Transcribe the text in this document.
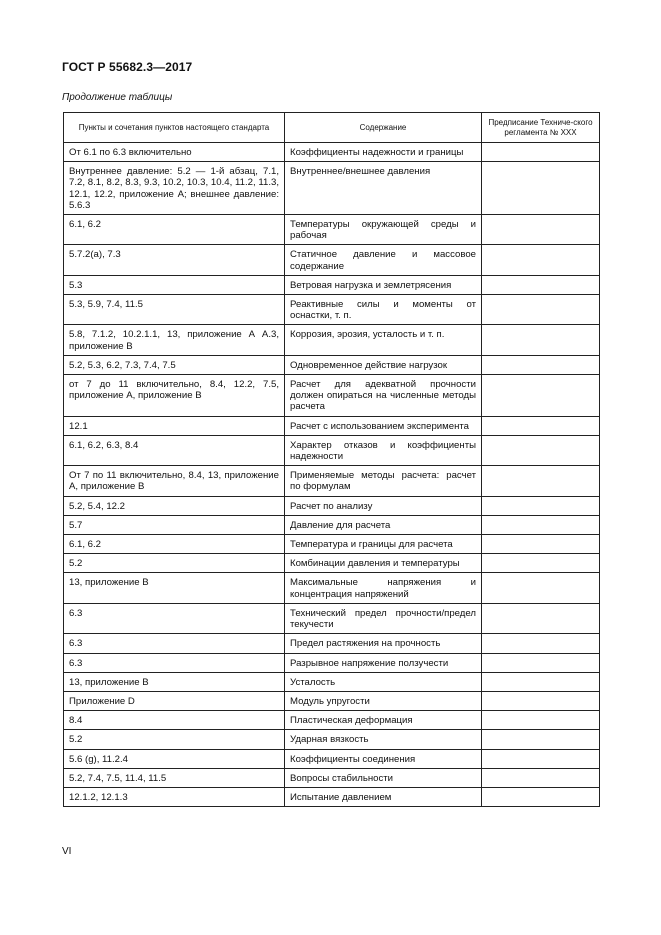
ГОСТ Р 55682.3—2017
Продолжение таблицы
Пункты и сочетания пунктов настоящего стандарта	Содержание	Предписание Техниче-ского регламента № XXX
От 6.1 по 6.3 включительно	Коэффициенты надежности и границы	
Внутреннее давление: 5.2 — 1-й абзац, 7.1, 7.2, 8.1, 8.2, 8.3, 9.3, 10.2, 10.3, 10.4, 11.2, 11.3, 12.1, 12.2, приложение A; внешнее давление: 5.6.3	Внутреннее/внешнее давления	
6.1, 6.2	Температуры окружающей среды и рабочая	
5.7.2(а), 7.3	Статичное давление и массовое содержание	
5.3	Ветровая нагрузка и землетрясения	
5.3, 5.9, 7.4, 11.5	Реактивные силы и моменты от оснастки, т. п.	
5.8, 7.1.2, 10.2.1.1, 13, приложение А А.3, приложение В	Коррозия, эрозия, усталость и т. п.	
5.2, 5.3, 6.2, 7.3, 7.4, 7.5	Одновременное действие нагрузок	
от 7 до 11 включительно, 8.4, 12.2, 7.5, приложение А, приложение В	Расчет для адекватной прочности должен опираться на численные методы расчета	
12.1	Расчет с использованием эксперимента	
6.1, 6.2, 6.3, 8.4	Характер отказов и коэффициенты надежности	
От 7 по 11 включительно, 8.4, 13, приложение А, приложение В	Применяемые методы расчета: расчет по формулам	
5.2, 5.4, 12.2	Расчет по анализу	
5.7	Давление для расчета	
6.1, 6.2	Температура и границы для расчета	
5.2	Комбинации давления и температуры	
13, приложение В	Максимальные напряжения и концентрация напряжений	
6.3	Технический предел прочности/предел текучести	
6.3	Предел растяжения на прочность	
6.3	Разрывное напряжение ползучести	
13, приложение В	Усталость	
Приложение D	Модуль упругости	
8.4	Пластическая деформация	
5.2	Ударная вязкость	
5.6 (g), 11.2.4	Коэффициенты соединения	
5.2, 7.4, 7.5, 11.4, 11.5	Вопросы стабильности	
12.1.2, 12.1.3	Испытание давлением	
VI
